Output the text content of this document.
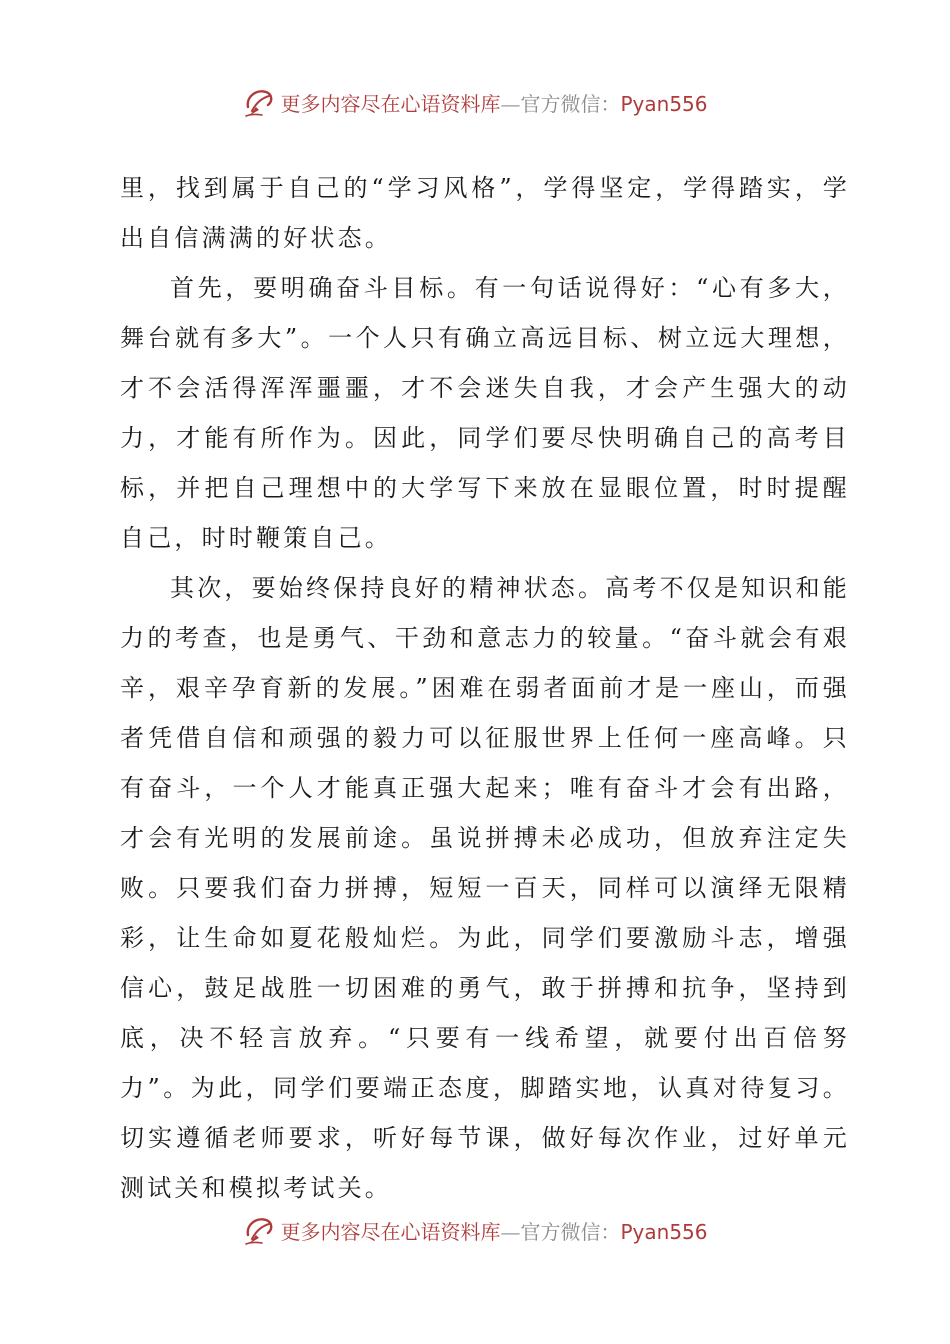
更多内容尽在心语资料库—官方微信：Pyan556

里，找到属于自己的“学习风格”，学得坚定，学得踏实，学出自信满满的好状态。

首先，要明确奋斗目标。有一句话说得好：“心有多大，舞台就有多大”。一个人只有确立高远目标、树立远大理想，才不会活得浑浑噩噩，才不会迷失自我，才会产生强大的动力，才能有所作为。因此，同学们要尽快明确自己的高考目标，并把自己理想中的大学写下来放在显眼位置，时时提醒自己，时时鞭策自己。

其次，要始终保持良好的精神状态。高考不仅是知识和能力的考查，也是勇气、干劲和意志力的较量。“奋斗就会有艰辛，艰辛孕育新的发展。”困难在弱者面前才是一座山，而强者凭借自信和顽强的毅力可以征服世界上任何一座高峰。只有奋斗，一个人才能真正强大起来；唯有奋斗才会有出路，才会有光明的发展前途。虽说拼搏未必成功，但放弃注定失败。只要我们奋力拼搏，短短一百天，同样可以演绎无限精彩，让生命如夏花般灿烂。为此，同学们要激励斗志，增强信心，鼓足战胜一切困难的勇气，敢于拼搏和抗争，坚持到底，决不轻言放弃。“只要有一线希望，就要付出百倍努力”。为此，同学们要端正态度，脚踏实地，认真对待复习。切实遵循老师要求，听好每节课，做好每次作业，过好单元测试关和模拟考试关。

更多内容尽在心语资料库—官方微信：Pyan556
